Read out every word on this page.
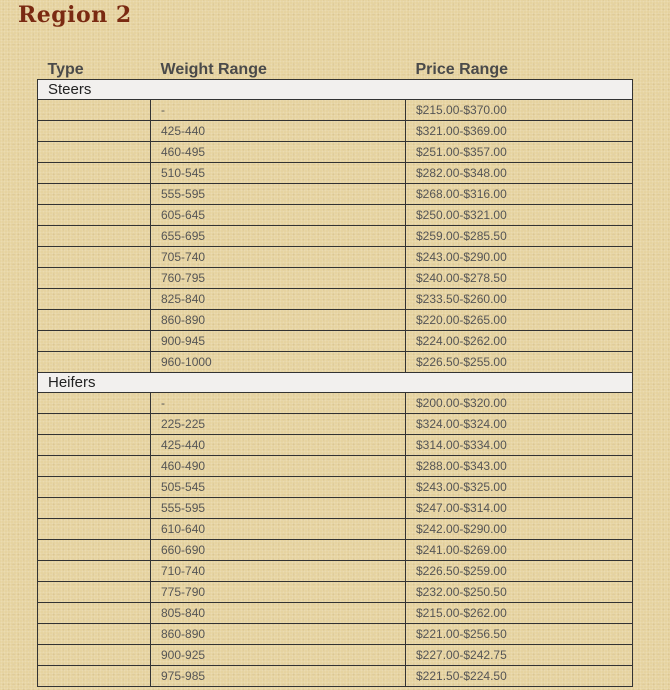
Region 2
Type	Weight Range	Price Range
Steers		
	-	$215.00-$370.00
	425-440	$321.00-$369.00
	460-495	$251.00-$357.00
	510-545	$282.00-$348.00
	555-595	$268.00-$316.00
	605-645	$250.00-$321.00
	655-695	$259.00-$285.50
	705-740	$243.00-$290.00
	760-795	$240.00-$278.50
	825-840	$233.50-$260.00
	860-890	$220.00-$265.00
	900-945	$224.00-$262.00
	960-1000	$226.50-$255.00
Heifers		
	-	$200.00-$320.00
	225-225	$324.00-$324.00
	425-440	$314.00-$334.00
	460-490	$288.00-$343.00
	505-545	$243.00-$325.00
	555-595	$247.00-$314.00
	610-640	$242.00-$290.00
	660-690	$241.00-$269.00
	710-740	$226.50-$259.00
	775-790	$232.00-$250.50
	805-840	$215.00-$262.00
	860-890	$221.00-$256.50
	900-925	$227.00-$242.75
	975-985	$221.50-$224.50
